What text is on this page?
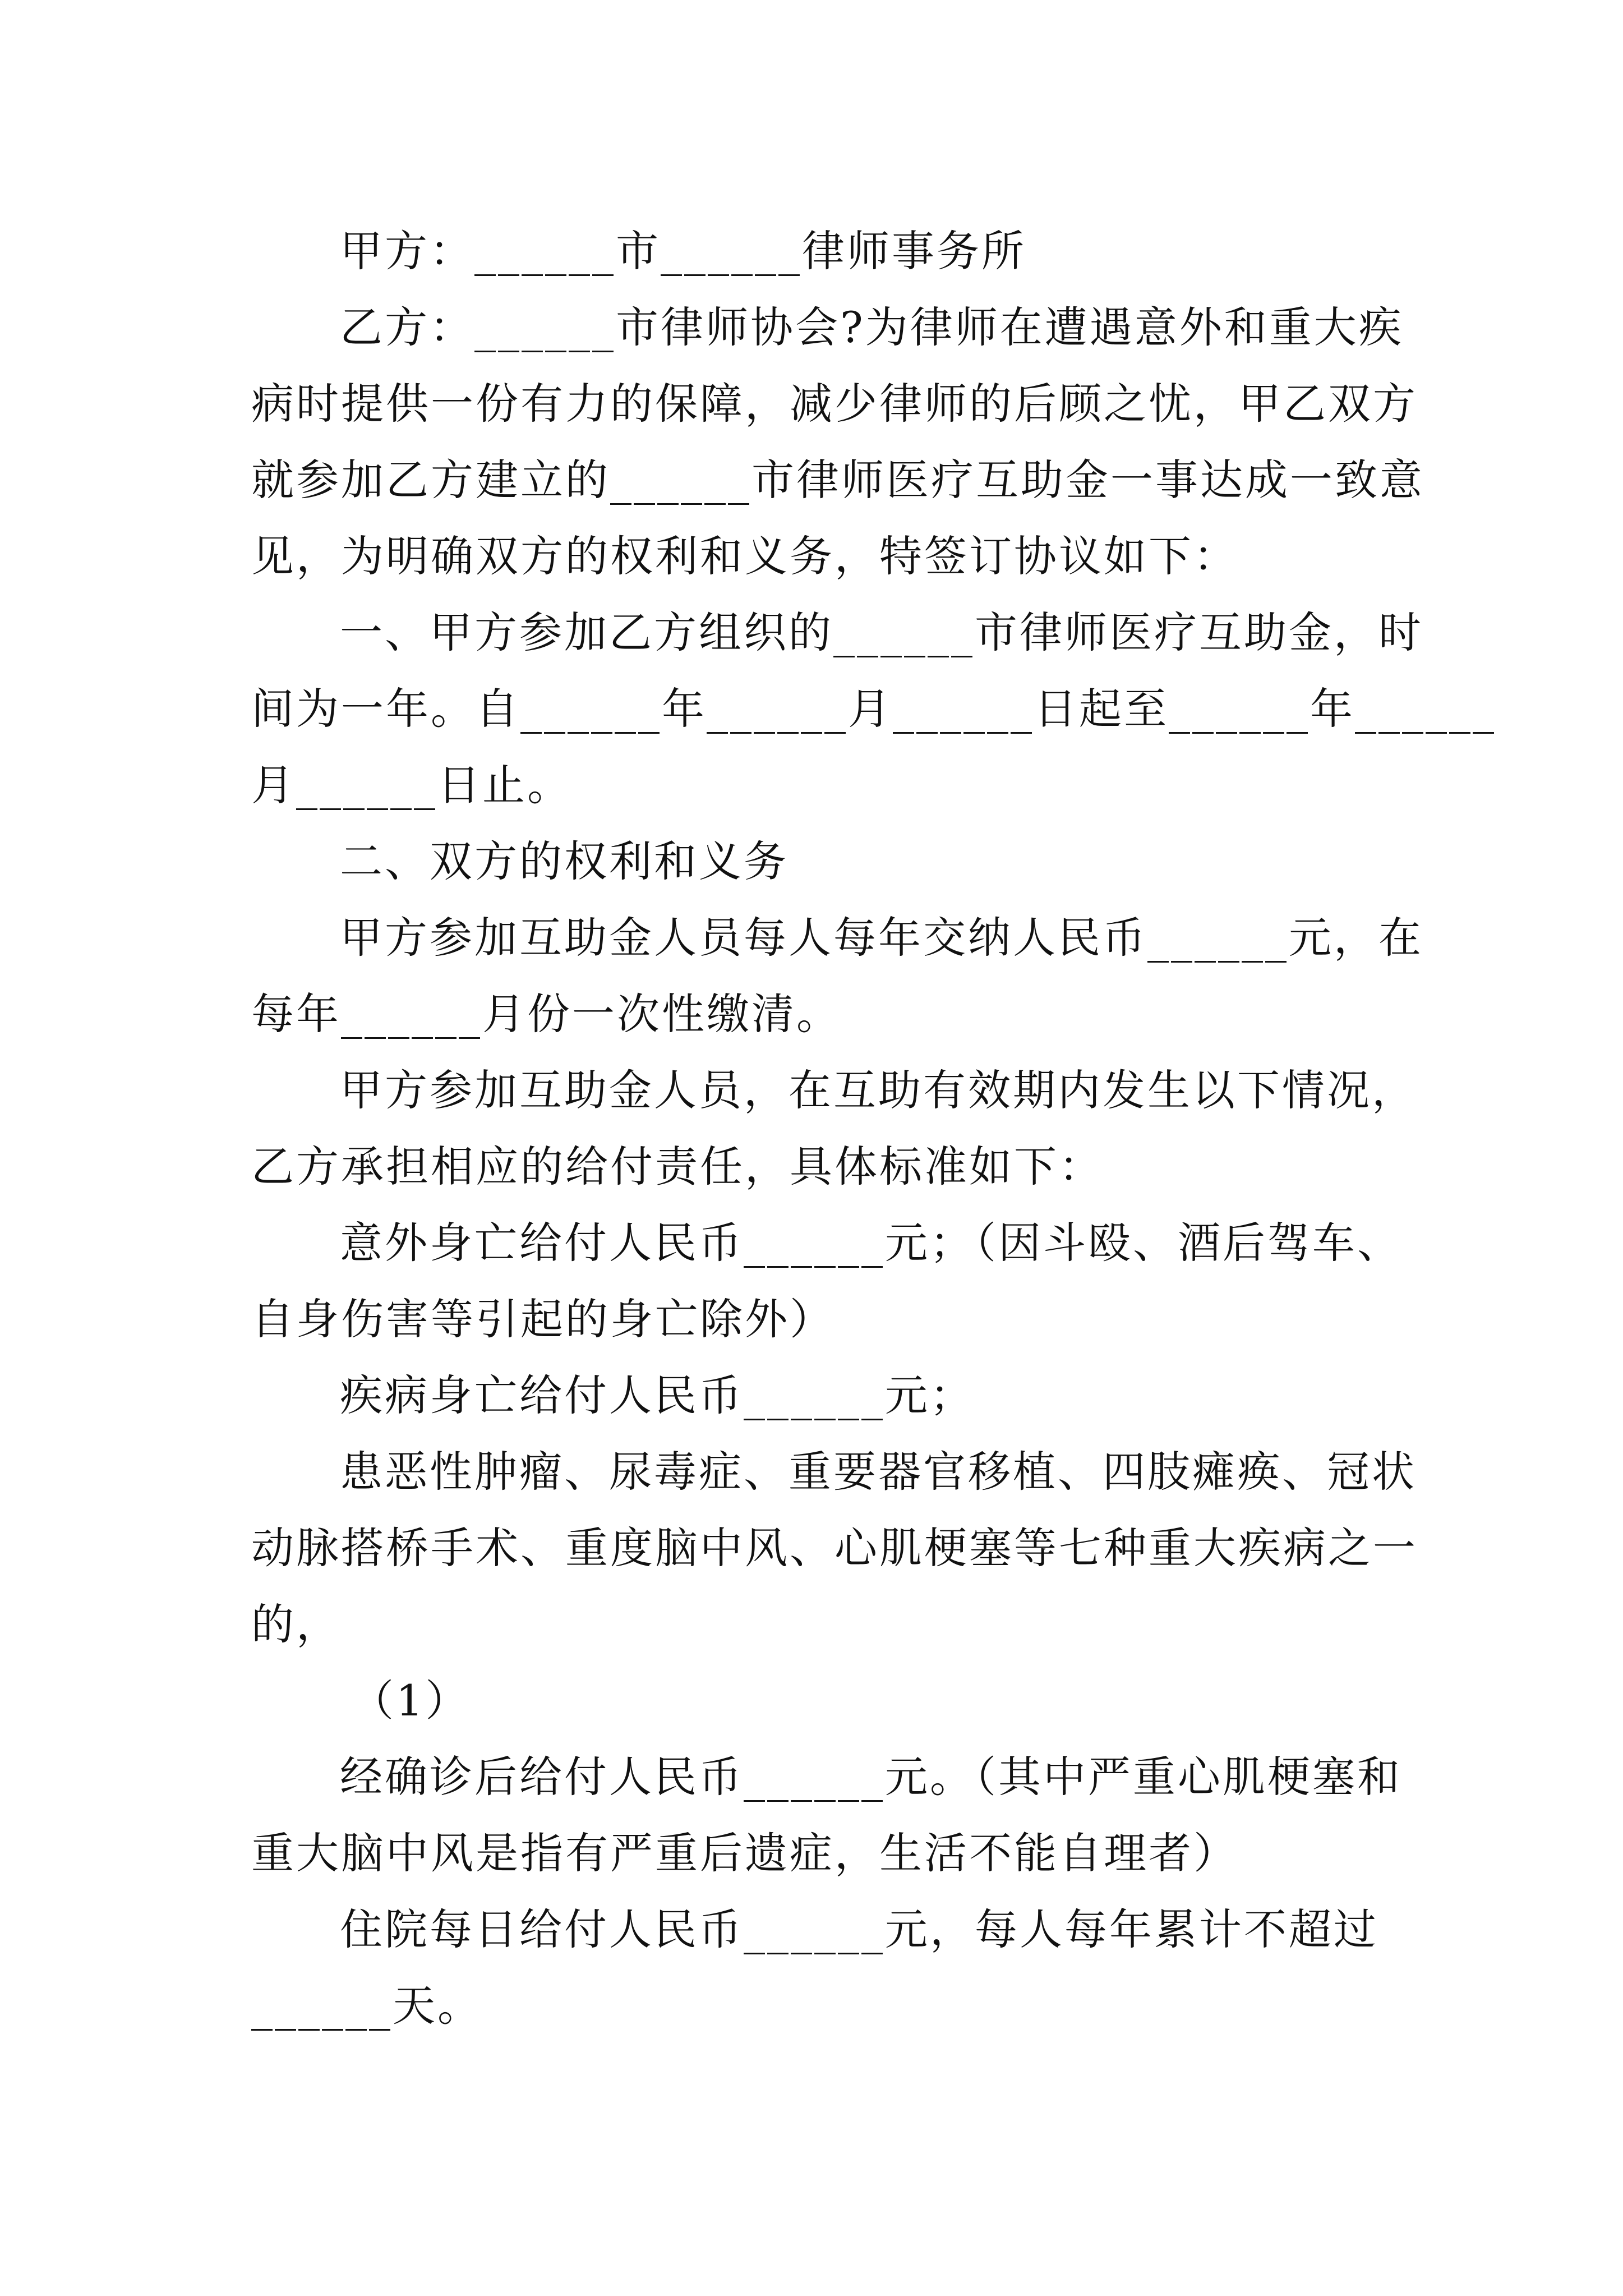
甲方：______市______律师事务所
乙方：______市律师协会?为律师在遭遇意外和重大疾
病时提供一份有力的保障，减少律师的后顾之忧，甲乙双方
就参加乙方建立的______市律师医疗互助金一事达成一致意
见，为明确双方的权利和义务，特签订协议如下：
一、甲方参加乙方组织的______市律师医疗互助金，时
间为一年。自______年______月______日起至______年______
月______日止。
二、双方的权利和义务
甲方参加互助金人员每人每年交纳人民币______元，在
每年______月份一次性缴清。
甲方参加互助金人员，在互助有效期内发生以下情况，
乙方承担相应的给付责任，具体标准如下：
意外身亡给付人民币______元；（因斗殴、酒后驾车、
自身伤害等引起的身亡除外）
疾病身亡给付人民币______元；
患恶性肿瘤、尿毒症、重要器官移植、四肢瘫痪、冠状
动脉搭桥手术、重度脑中风、心肌梗塞等七种重大疾病之一
的，
（1）
经确诊后给付人民币______元。（其中严重心肌梗塞和
重大脑中风是指有严重后遗症，生活不能自理者）
住院每日给付人民币______元，每人每年累计不超过
______天。
